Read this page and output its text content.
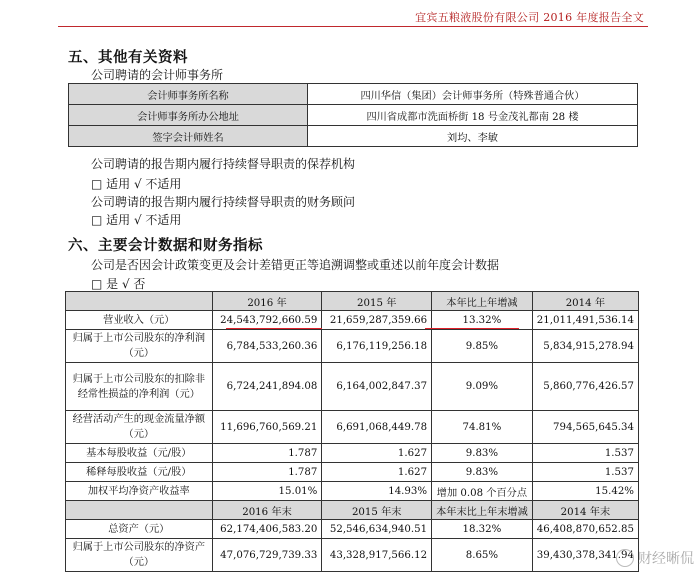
宜宾五粮液股份有限公司 2016 年度报告全文
五、其他有关资料
公司聘请的会计师事务所
会计师事务所名称	四川华信（集团）会计师事务所（特殊普通合伙）
会计师事务所办公地址	四川省成都市洗面桥街 18 号金茂礼都南 28 楼
签字会计师姓名	刘均、李敏
公司聘请的报告期内履行持续督导职责的保荐机构
□ 适用 √ 不适用
公司聘请的报告期内履行持续督导职责的财务顾问
□ 适用 √ 不适用
六、主要会计数据和财务指标
公司是否因会计政策变更及会计差错更正等追溯调整或重述以前年度会计数据
□ 是 √ 否
	2016 年	2015 年	本年比上年增减	2014 年
营业收入（元）	24,543,792,660.59	21,659,287,359.66	13.32%	21,011,491,536.14
归属于上市公司股东的净利润（元）	6,784,533,260.36	6,176,119,256.18	9.85%	5,834,915,278.94
归属于上市公司股东的扣除非经常性损益的净利润（元）	6,724,241,894.08	6,164,002,847.37	9.09%	5,860,776,426.57
经营活动产生的现金流量净额（元）	11,696,760,569.21	6,691,068,449.78	74.81%	794,565,645.34
基本每股收益（元/股）	1.787	1.627	9.83%	1.537
稀释每股收益（元/股）	1.787	1.627	9.83%	1.537
加权平均净资产收益率	15.01%	14.93%	增加 0.08 个百分点	15.42%
	2016 年末	2015 年末	本年末比上年末增减	2014 年末
总资产（元）	62,174,406,583.20	52,546,634,940.51	18.32%	46,408,870,652.85
归属于上市公司股东的净资产（元）	47,076,729,739.33	43,328,917,566.12	8.65%	39,430,378,341.94 财经晰侃
